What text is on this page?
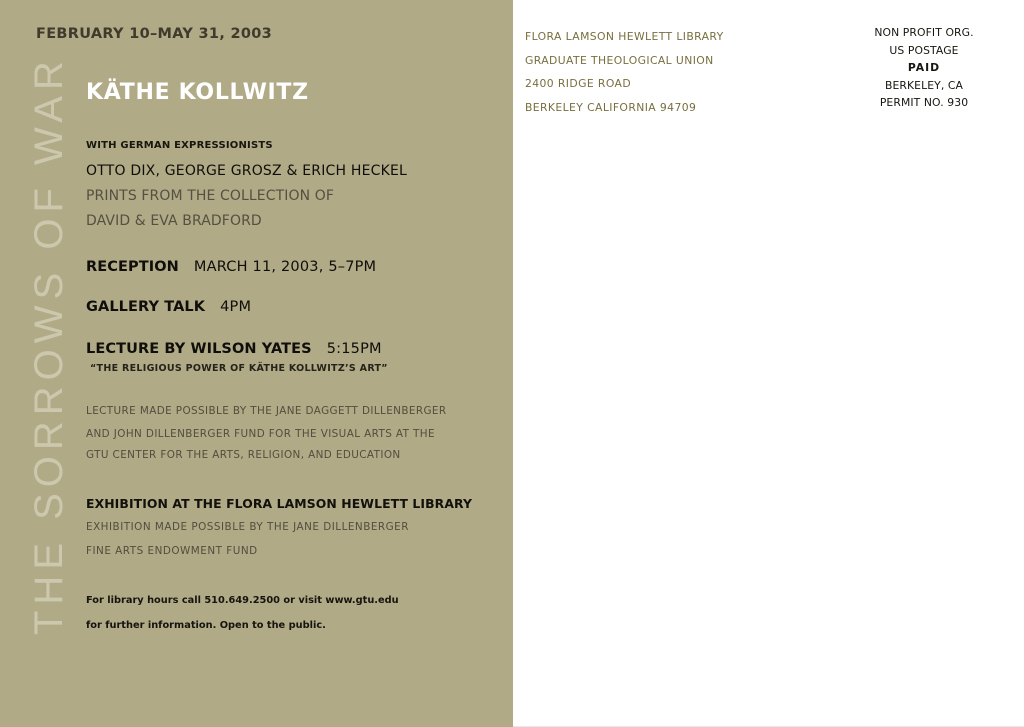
THE SORROWS OF WAR
FEBRUARY 10–MAY 31, 2003
KÄTHE KOLLWITZ
WITH GERMAN EXPRESSIONISTS
OTTO DIX, GEORGE GROSZ & ERICH HECKEL
PRINTS FROM THE COLLECTION OF
DAVID & EVA BRADFORD
RECEPTION MARCH 11, 2003, 5–7PM
GALLERY TALK 4PM
LECTURE BY WILSON YATES 5:15PM
“THE RELIGIOUS POWER OF KÄTHE KOLLWITZ’S ART”
LECTURE MADE POSSIBLE BY THE JANE DAGGETT DILLENBERGER
AND JOHN DILLENBERGER FUND FOR THE VISUAL ARTS AT THE
GTU CENTER FOR THE ARTS, RELIGION, AND EDUCATION
EXHIBITION AT THE FLORA LAMSON HEWLETT LIBRARY
EXHIBITION MADE POSSIBLE BY THE JANE DILLENBERGER
FINE ARTS ENDOWMENT FUND
For library hours call 510.649.2500 or visit www.gtu.edu
for further information. Open to the public.
FLORA LAMSON HEWLETT LIBRARY
GRADUATE THEOLOGICAL UNION
2400 RIDGE ROAD
BERKELEY CALIFORNIA 94709
NON PROFIT ORG.
US POSTAGE
PAID
BERKELEY, CA
PERMIT NO. 930
